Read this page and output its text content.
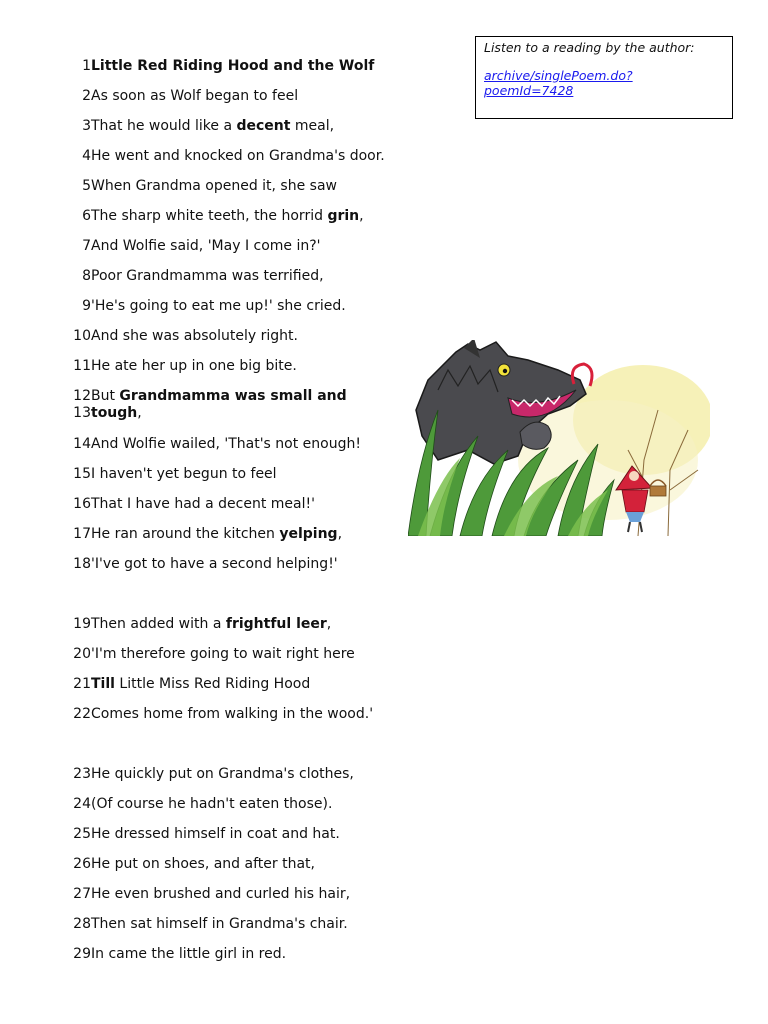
1Little Red Riding Hood and the Wolf
2As soon as Wolf began to feel
3That he would like a decent meal,
4He went and knocked on Grandma's door.
5When Grandma opened it, she saw
6The sharp white teeth, the horrid grin,
7And Wolfie said, 'May I come in?'
8Poor Grandmamma was terrified,
9'He's going to eat me up!' she cried.
10And she was absolutely right.
11He ate her up in one big bite.
12But Grandmamma was small and
13tough,
14And Wolfie wailed, 'That's not enough!
15I haven't yet begun to feel
16That I have had a decent meal!'
17He ran around the kitchen yelping,
18'I've got to have a second helping!'
19Then added with a frightful leer,
20'I'm therefore going to wait right here
21Till Little Miss Red Riding Hood
22Comes home from walking in the wood.'
23He quickly put on Grandma's clothes,
24(Of course he hadn't eaten those).
25He dressed himself in coat and hat.
26He put on shoes, and after that,
27He even brushed and curled his hair,
28Then sat himself in Grandma's chair.
29In came the little girl in red.
Listen to a reading by the author:
archive/singlePoem.do? poemId=7428
